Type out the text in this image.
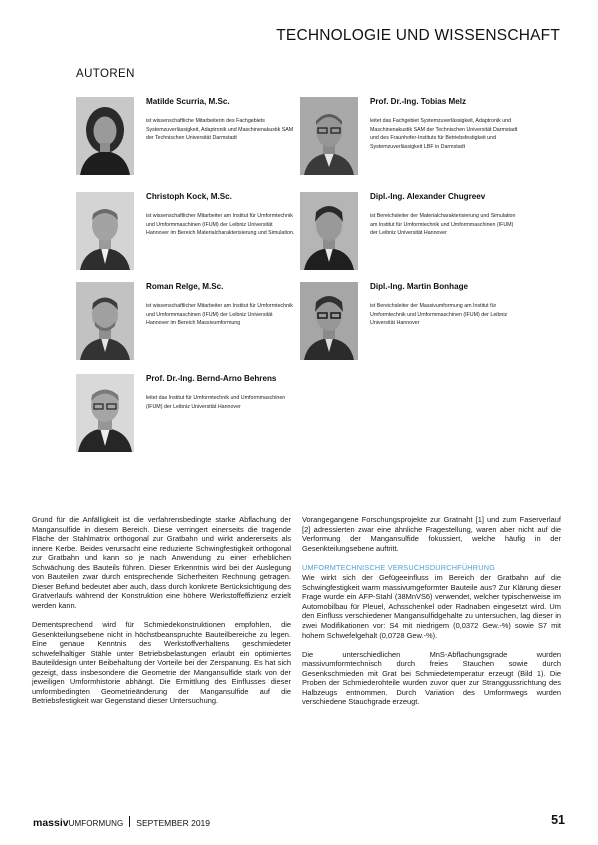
TECHNOLOGIE UND WISSENSCHAFT
AUTOREN
Matilde Scurria, M.Sc.
ist wissenschaftliche Mitarbeiterin des Fachgebiets Systemzuverlässigkeit, Adaptronik und Maschinenakustik SAM der Technischen Universität Darmstadt
Prof. Dr.-Ing. Tobias Melz
leitet das Fachgebiet Systemzuverlässigkeit, Adaptronik und Maschinenakustik SAM der Technischen Universität Darmstadt und des Fraunhofer-Instituts für Betriebsfestigkeit und Systemzuverlässigkeit LBF in Darmstadt
Christoph Kock, M.Sc.
ist wissenschaftlicher Mitarbeiter am Institut für Umformtechnik und Umformmaschinen (IFUM) der Leibniz Universität Hannover im Bereich Materialcharakterisierung und Simulation.
Dipl.-Ing. Alexander Chugreev
ist Bereichsleiter der Materialcharakterisierung und Simulation am Institut für Umformtechnik und Umformmaschinen (IFUM) der Leibniz Universität Hannover
Roman Relge, M.Sc.
ist wissenschaftlicher Mitarbeiter am Institut für Umformtechnik und Umformmaschinen (IFUM) der Leibniz Universität Hannover im Bereich Massivumformung
Dipl.-Ing. Martin Bonhage
ist Bereichsleiter der Massivumformung am Institut für Umformtechnik und Umformmaschinen (IFUM) der Leibniz Universität Hannover
Prof. Dr.-Ing. Bernd-Arno Behrens
leitet das Institut für Umformtechnik und Umformmaschinen (IFUM) der Leibniz Universität Hannover

Grund für die Anfälligkeit ist die verfahrensbedingte starke Abflachung der Mangansulfide in diesem Bereich. Diese verringert einerseits die tragende Fläche der Stahlmatrix orthogonal zur Gratbahn und wirkt andererseits als innere Kerbe. Beides verursacht eine reduzierte Schwingfestigkeit orthogonal zur Gratbahn und kann so je nach Anwendung zu einer erheblichen Schwächung des Bauteils führen. Dieser Erkenntnis wird bei der Auslegung von Bauteilen zwar durch entsprechende Sicherheiten Rechnung getragen. Dieser Befund bedeutet aber auch, dass durch konkrete Berücksichtigung des Gratverlaufs während der Konstruktion eine höhere Werkstoffeffizienz erzielt werden kann.

Dementsprechend wird für Schmiedekonstruktionen empfohlen, die Gesenkteilungsebene nicht in höchstbeanspruchte Bauteilbereiche zu legen. Eine genaue Kenntnis des Werkstoffverhaltens geschmiedeter schwefelhaltiger Stähle unter Betriebsbelastungen erlaubt ein optimiertes Bauteildesign unter Beibehaltung der Vorteile bei der Zerspanung. Es hat sich gezeigt, dass insbesondere die Geometrie der Mangansulfide stark von der jeweiligen Umformhistorie abhängt. Die Ermittlung des Einflusses dieser umformbedingten Geometrieänderung der Mangansulfide auf die Betriebsfestigkeit war Gegenstand dieser Untersuchung.

Vorangegangene Forschungsprojekte zur Gratnaht [1] und zum Faserverlauf [2] adressierten zwar eine ähnliche Fragestellung, waren aber nicht auf die Verformung der Mangansulfide fokussiert, welche häufig in der Gesenkteilungsebene auftritt.

UMFORMTECHNISCHE VERSUCHSDURCHFÜHRUNG

Wie wirkt sich der Gefügeeinfluss im Bereich der Gratbahn auf die Schwingfestigkeit warm massivumgeformter Bauteile aus? Zur Klärung dieser Frage wurde ein AFP-Stahl (38MnVS6) verwendet, welcher typischerweise im Automobilbau für Pleuel, Achsschenkel oder Radnaben eingesetzt wird. Um den Einfluss verschiedener Mangansulfidgehalte zu untersuchen, lag dieser in zwei Modifikationen vor: S4 mit niedrigem (0,0372 Gew.-%) sowie S7 mit hohem Schwefelgehalt (0,0728 Gew.-%).

Die unterschiedlichen MnS-Abflachungsgrade wurden massivumformtechnisch durch freies Stauchen sowie durch Gesenkschmieden mit Grat bei Schmiedetemperatur erzeugt (Bild 1). Die Proben der Schmiederohteile wurden zuvor quer zur Stranggussrichtung des Halbzeugs entnommen. Durch Variation des Umformwegs wurden verschiedene Stauchgrade erzeugt.

massivUMFORMUNG SEPTEMBER 2019	51
